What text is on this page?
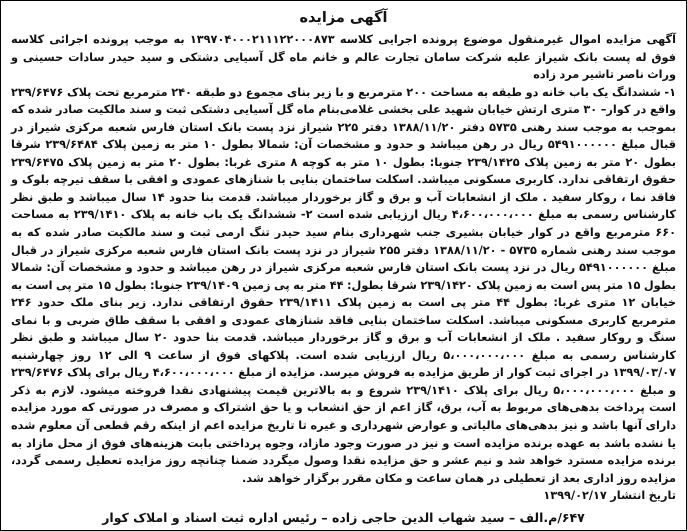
آگهی مزایده

آگهی مزایده اموال غیرمنقول موضوع پرونده اجرایی کلاسه ۱۳۹۷۰۴۰۰۰۲۱۱۱۲۲۰۰۰۸۷۳ به موجب پرونده اجرائی کلاسه فوق له پست بانک شیراز علیه شرکت سامان تجارت عالم و خانم ماه گل آسیایی دشتکی و سید حیدر سادات حسینی و وراث ناصر تاشیر مرد زاده

۱- ششدانگ یک باب خانه دو طبقه به مساحت ۲۰۰ مترمربع و با زیر بنای مجموع دو طبقه ۲۴۰ مترمربع تحت پلاک ۲۳۹/۶۴۷۶ واقع در کوار– ۳۰ متری ارتش خیابان شهید علی بخشی غلامی‌بنام ماه گل آسیایی دشتکی ثبت و سند مالکیت صادر شده که بموجب به موجب سند رهنی ۵۷۳۵ دفتر ۱۳۸۸/۱۱/۲۰ دفتر ۲۲۵ شیراز نزد پست بانک استان فارس شعبه مرکزی شیراز در قبال مبلغ ۵۴۹۱۰۰۰۰۰۰ ریال در رهن میباشد و حدود و مشخصات آن: شمالا بطول ۱۰ متر به زمین پلاک ۲۳۹/۶۴۸۴ شرقا بطول ۲۰ متر به زمین پلاک ۲۳۹/۱۴۲۵ جنوبا: بطول ۱۰ متر به کوچه ۸ متری غربا: بطول ۲۰ متر به زمین پلاک ۲۳۹/۶۴۷۵ حقوق ارتفاقی ندارد. کاربری مسکونی میباشد. اسکلت ساختمان بنایی با شنازهای عمودی و افقی با سقف تیرچه بلوک و فاقد نما ، روکار سفید . ملک از انشعابات آب و برق و گاز برخوردار میباشد. قدمت بنا حدود ۱۴ سال میباشد و طبق نظر کارشناس رسمی به مبلغ ۴،۶۰۰،۰۰۰،۰۰۰ ریال ارزیابی شده است ۲- ششدانگ یک باب خانه به پلاک ۲۳۹/۱۴۱۰ به مساحت ۶۶۰ مترمربع واقع در کوار خیابان بشیری جنب شهرداری بنام سید حیدر تنگ ارمی ثبت و سند مالکیت صادر شده که به موجب سند رهنی شماره ۵۷۳۵ - ۱۳۸۸/۱۱/۲۰ دفتر ۲۵۵ شیراز در نزد پست بانک استان فارس شعبه مرکزی شیراز در قبال مبلغ ۵۴۹۱۰۰۰۰۰۰ ریال در نزد پست بانک استان فارس شعبه مرکزی شیراز در رهن میباشد و حدود و مشخصات آن: شمالا بطول ۱۵ متر پس است به زمین پلاک ۲۳۹/۱۴۲۰ شرقا بطول: ۴۴ متر به پی زمین ۲۳۹/۱۴۰۹ جنوبا: بطول ۱۵ متر پی است به خیابان ۱۲ متری غربا: بطول ۴۴ متر پی است به زمین پلاک ۲۳۹/۱۴۱۱ حقوق ارتفاقی ندارد. زیر بنای ملک حدود ۲۴۶ مترمربع کاربری مسکونی میباشد. اسکلت ساختمان بنایی فاقد شنازهای عمودی و افقی با سقف طاق ضربی و با نمای سنگ و روکار سفید . ملک از انشعابات آب و برق و گاز برخوردار میباشد. قدمت بنا حدود ۲۰ سال میباشد و طبق نظر کارشناس رسمی به مبلغ ۵،۰۰۰،۰۰۰،۰۰۰ ریال ارزیابی شده است. پلاکهای فوق از ساعت ۹ الی ۱۲ روز چهارشنبه ۱۳۹۹/۰۳/۰۷ در اجرای ثبت کوار از طریق مزایده به فروش میرسد. مزایده از مبلغ ۴،۶۰۰،۰۰۰،۰۰۰ ریال برای پلاک ۲۳۹/۶۴۷۶ و مبلغ ۵،۰۰۰،۰۰۰،۰۰۰ ریال برای پلاک ۲۳۹/۱۴۱۰ شروع و به بالاترین قیمت پیشنهادی نقدا فروخته میشود. لازم به ذکر است پرداخت بدهی‌های مربوط به آب، برق، گاز اعم از حق انشعاب و یا حق اشتراک و مصرف در صورتی که مورد مزایده دارای آنها باشد و نیز بدهی‌های مالیاتی و عوارض شهرداری و غیره تا تاریخ مزایده اعم از اینکه رقم قطعی آن معلوم شده یا نشده باشد به عهده برنده مزایده است و نیز در صورت وجود مازاد، وجوه پرداختی بابت هزینه‌های فوق از محل مازاد به برنده مزایده مسترد خواهد شد و نیم عشر و حق مزایده نقدا وصول میگردد ضمنا چنانچه روز مزایده تعطیل رسمی گردد، مزایده روز اداری بعد از تعطیلی در همان ساعت و مکان مقرر برگزار خواهد شد.

تاریخ انتشار ۱۳۹۹/۰۲/۱۷
۶۴۷/م.الف – سید شهاب الدین حاجی زاده – رئیس اداره ثبت اسناد و املاک کوار
